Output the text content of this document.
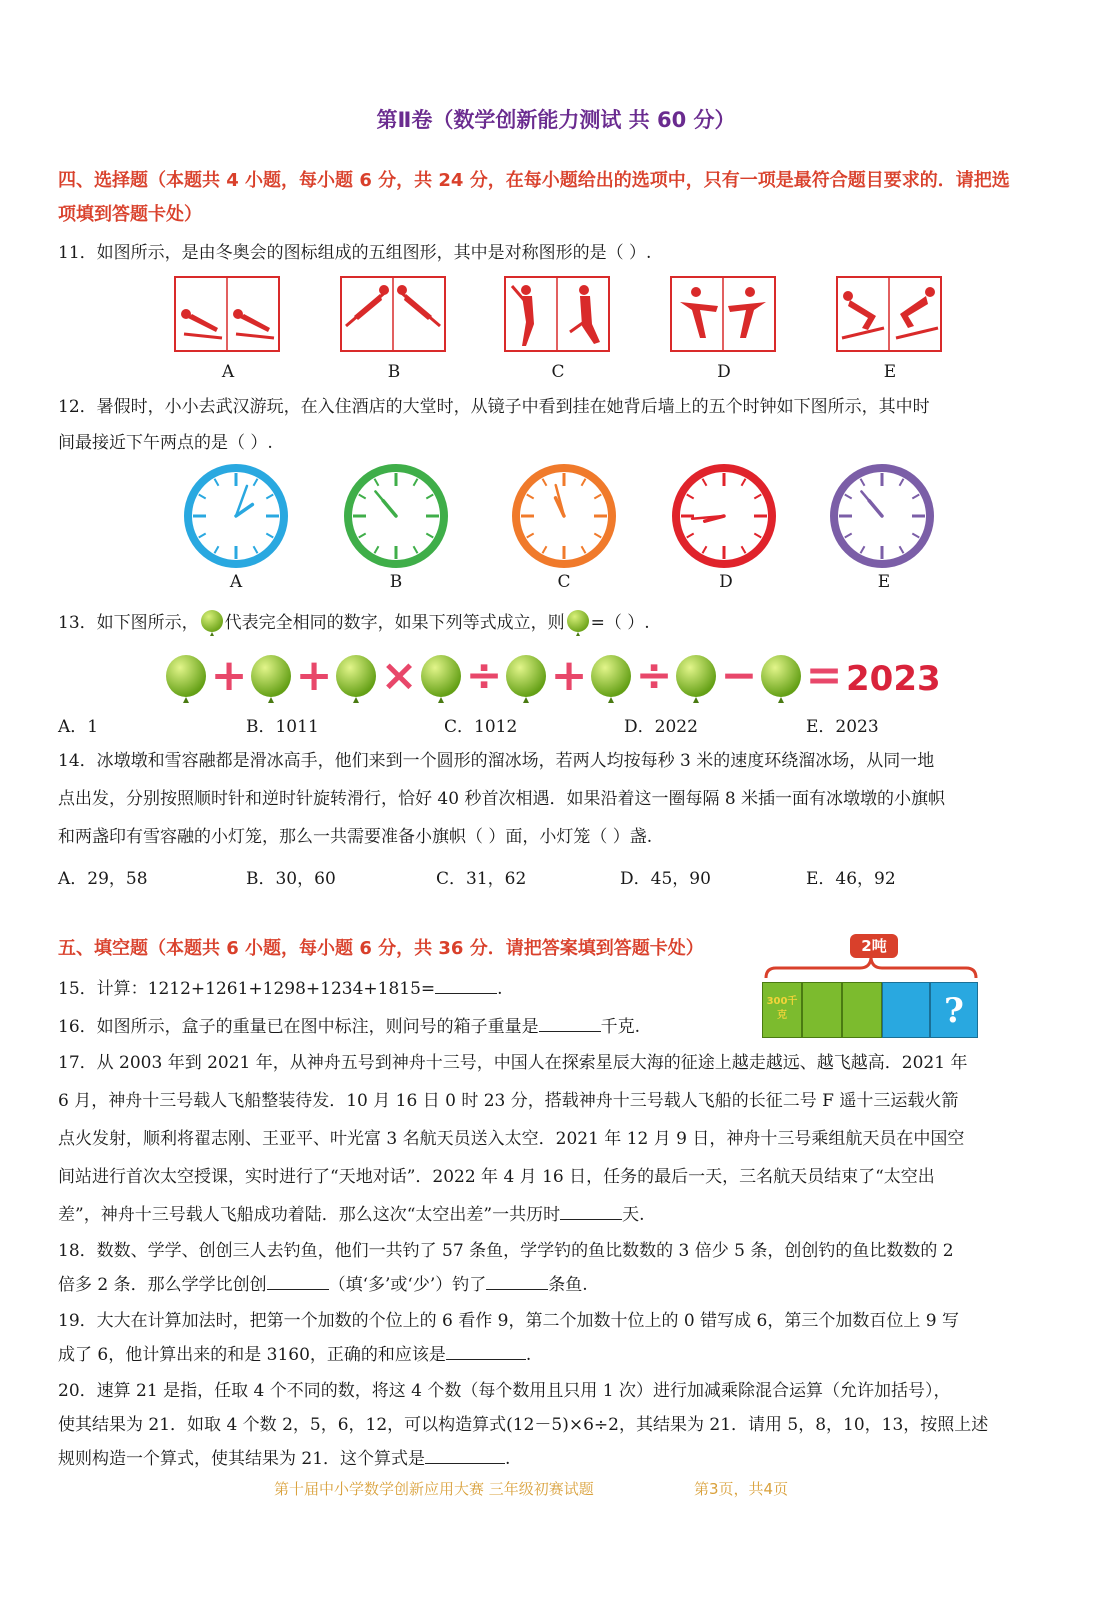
第Ⅱ卷（数学创新能力测试 共 60 分）
四、选择题（本题共 4 小题，每小题 6 分，共 24 分，在每小题给出的选项中，只有一项是最符合题目要求的．请把选
项填到答题卡处）
11．如图所示，是由冬奥会的图标组成的五组图形，其中是对称图形的是（ ）.
A	B	C	D	E
12．暑假时，小小去武汉游玩，在入住酒店的大堂时，从镜子中看到挂在她背后墙上的五个时钟如下图所示，其中时
间最接近下午两点的是（ ）.
A	B	C	D	E
13．如下图所示， 代表完全相同的数字，如果下列等式成立，则 =（ ）.
+ + × ÷ + ÷ − = 2023
A．1	B．1011	C．1012	D．2022	E．2023
14．冰墩墩和雪容融都是滑冰高手，他们来到一个圆形的溜冰场，若两人均按每秒 3 米的速度环绕溜冰场，从同一地
点出发，分别按照顺时针和逆时针旋转滑行，恰好 40 秒首次相遇．如果沿着这一圈每隔 8 米插一面有冰墩墩的小旗帜
和两盏印有雪容融的小灯笼，那么一共需要准备小旗帜（ ）面，小灯笼（ ）盏.
A．29，58	B．30，60	C．31，62	D．45，90	E．46，92
五、填空题（本题共 6 小题，每小题 6 分，共 36 分．请把答案填到答题卡处）	2吨
300千克	?
15．计算：1212+1261+1298+1234+1815=	.
16．如图所示，盒子的重量已在图中标注，则问号的箱子重量是	千克.
17．从 2003 年到 2021 年，从神舟五号到神舟十三号，中国人在探索星辰大海的征途上越走越远、越飞越高．2021 年
6 月，神舟十三号载人飞船整装待发．10 月 16 日 0 时 23 分，搭载神舟十三号载人飞船的长征二号 F 遥十三运载火箭
点火发射，顺利将翟志刚、王亚平、叶光富 3 名航天员送入太空．2021 年 12 月 9 日，神舟十三号乘组航天员在中国空
间站进行首次太空授课，实时进行了“天地对话”．2022 年 4 月 16 日，任务的最后一天，三名航天员结束了“太空出
差”，神舟十三号载人飞船成功着陆．那么这次“太空出差”一共历时	天.
18．数数、学学、创创三人去钓鱼，他们一共钓了 57 条鱼，学学钓的鱼比数数的 3 倍少 5 条，创创钓的鱼比数数的 2
倍多 2 条．那么学学比创创	（填‘多’或‘少’）钓了	条鱼.
19．大大在计算加法时，把第一个加数的个位上的 6 看作 9，第二个加数十位上的 0 错写成 6，第三个加数百位上 9 写
成了 6，他计算出来的和是 3160，正确的和应该是	.
20．速算 21 是指，任取 4 个不同的数，将这 4 个数（每个数用且只用 1 次）进行加减乘除混合运算（允许加括号），
使其结果为 21．如取 4 个数 2，5，6，12，可以构造算式(12－5)×6÷2，其结果为 21．请用 5，8，10，13，按照上述
规则构造一个算式，使其结果为 21．这个算式是	.
第十届中小学数学创新应用大赛 三年级初赛试题	第3页，共4页
